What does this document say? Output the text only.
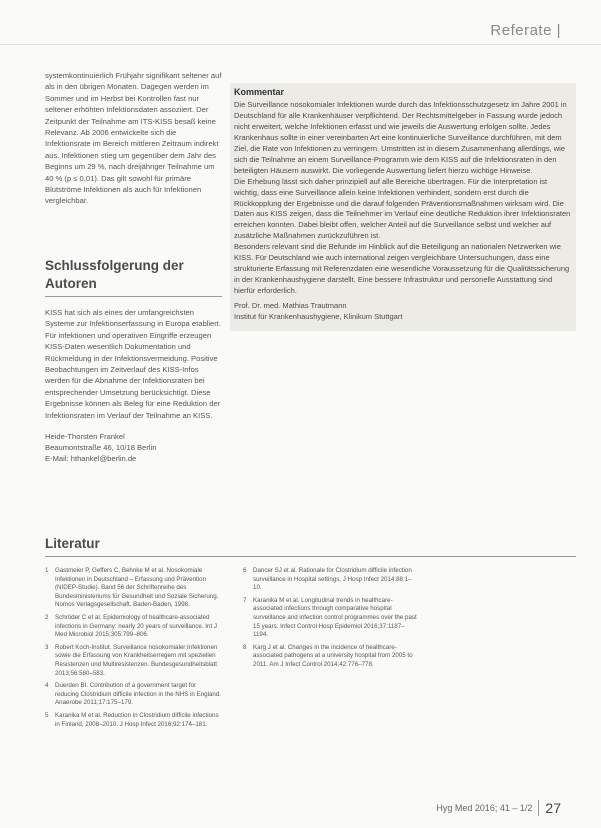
Referate |

systemkontinuierlich Frühjahr signifikant seltener auf als in den übrigen Monaten. Dagegen werden im Sommer und im Herbst bei Kontrollen fast nur seltener erhöhten Infektionsdaten assoziiert. Der Zeitpunkt der Teilnahme am ITS-KISS besaß keine Relevanz. Ab 2006 entwickelte sich die Infektionsrate im Bereich mittleren Zeitraum indirekt aus. Infektionen stieg um gegenüber dem Jahr des Beginns um 29 %, nach dreijähriger Teilnahme um 40 % (p ≤ 0,01). Das gilt sowohl für primäre Blutströme Infektionen als auch für Infektionen vergleichbar.

Schlussfolgerung der Autoren

KISS hat sich als eines der umfangreichsten Systeme zur Infektionserfassung in Europa etabliert. Für infektionen und operativen Eingriffe erzeugen KISS-Daten wesentlich Dokumentation und Rückmeldung in der Infektionsvermeidung. Positive Beobachtungen im Zeitverlauf des KISS-Infos werden für die Abnahme der Infektionsraten bei entsprechender Umsetzung berücksichtigt. Diese Ergebnisse können als Beleg für eine Reduktion der Infektionsraten im Verlauf der Teilnahme an KISS.

Heide-Thorsten Frankel
Beaumontstraße 46, 10/18 Berlin
E-Mail: hthankel@berlin.de
Kommentar

Die Surveillance nosokomialer Infektionen wurde durch das Infektionsschutzgesetz im Jahre 2001 in Deutschland für alle Krankenhäuser verpflichtend. Der Rechtsmittelgeber in Fassung wurde jedoch nicht erweitert, welche Infektionen erfasst und wie jeweils die Auswertung erfolgen sollte. Jedes Krankenhaus sollte in einer vereinbarten Art eine kontinuierliche Surveillance durchführen, mit dem Ziel, die Rate von Infektionen zu verringern. Umstritten ist in diesem Zusammenhang allerdings, wie sich die Teilnahme an einem Surveillance-Programm wie dem KISS auf die Infektionsraten in den beteiligten Häusern auswirkt. Die vorliegende Auswertung liefert hierzu wichtige Hinweise.

Die Erhebung lässt sich daher prinzipiell auf alle Bereiche übertragen. Für die Interpretation ist wichtig, dass eine Surveillance allein keine Infektionen verhindert, sondern erst durch die Rückkopplung der Ergebnisse und die darauf folgenden Präventionsmaßnahmen wirksam wird. Die Daten aus KISS zeigen, dass die Teilnehmer im Verlauf eine deutliche Reduktion ihrer Infektionsraten erreichen konnten. Dabei bleibt offen, welcher Anteil auf die Surveillance selbst und welcher auf zusätzliche Maßnahmen zurückzuführen ist.

Besonders relevant sind die Befunde im Hinblick auf die Beteiligung an nationalen Netzwerken wie KISS. Für Deutschland wie auch international zeigen vergleichbare Untersuchungen, dass eine strukturierte Erfassung mit Referenzdaten eine wesentliche Voraussetzung für die Qualitätssicherung in der Krankenhaushygiene darstellt. Eine bessere Infrastruktur und personelle Ausstattung sind hierfür erforderlich.

Prof. Dr. med. Mathias Trautmann
Institut für Krankenhaushygiene, Klinikum Stuttgart
Literatur
1	Gastmeier P, Geffers C, Behnke M et al. Nosokomiale Infektionen in Deutschland – Erfassung und Prävention (NIDEP-Studie). Band 56 der Schriftenreihe des Bundesministeriums für Gesundheit und Soziale Sicherung. Nomos Verlagsgesellschaft, Baden-Baden, 1998.
2	Schröder C et al. Epidemiology of healthcare-associated infections in Germany: nearly 20 years of surveillance. Int J Med Microbiol 2015;305:799–806.
3	Robert Koch-Institut. Surveillance nosokomialer Infektionen sowie die Erfassung von Krankheitserregern mit speziellen Resistenzen und Multiresistenzen. Bundesgesundheitsblatt 2013;56:580–583.
4	Duerden BI. Contribution of a government target for reducing Clostridium difficile infection in the NHS in England. Anaerobe 2011;17:175–179.
5	Karanika M et al. Reduction in Clostridium difficile infections in Finland, 2008–2010. J Hosp Infect 2016;92:174–181.
6	Dancer SJ et al. Rationale for Clostridium difficile infection surveillance in Hospital settings. J Hosp Infect 2014;88:1–10.
7	Karanika M et al. Longitudinal trends in healthcare-associated infections through comparative hospital surveillance and infection control programmes over the past 15 years. Infect Control Hosp Epidemiol 2016;37:1187–1194.
8	Karg J et al. Changes in the incidence of healthcare-associated pathogens at a university hospital from 2005 to 2011. Am J Infect Control 2014;42:776–778.
Hyg Med 2016; 41 – 1/2 27
